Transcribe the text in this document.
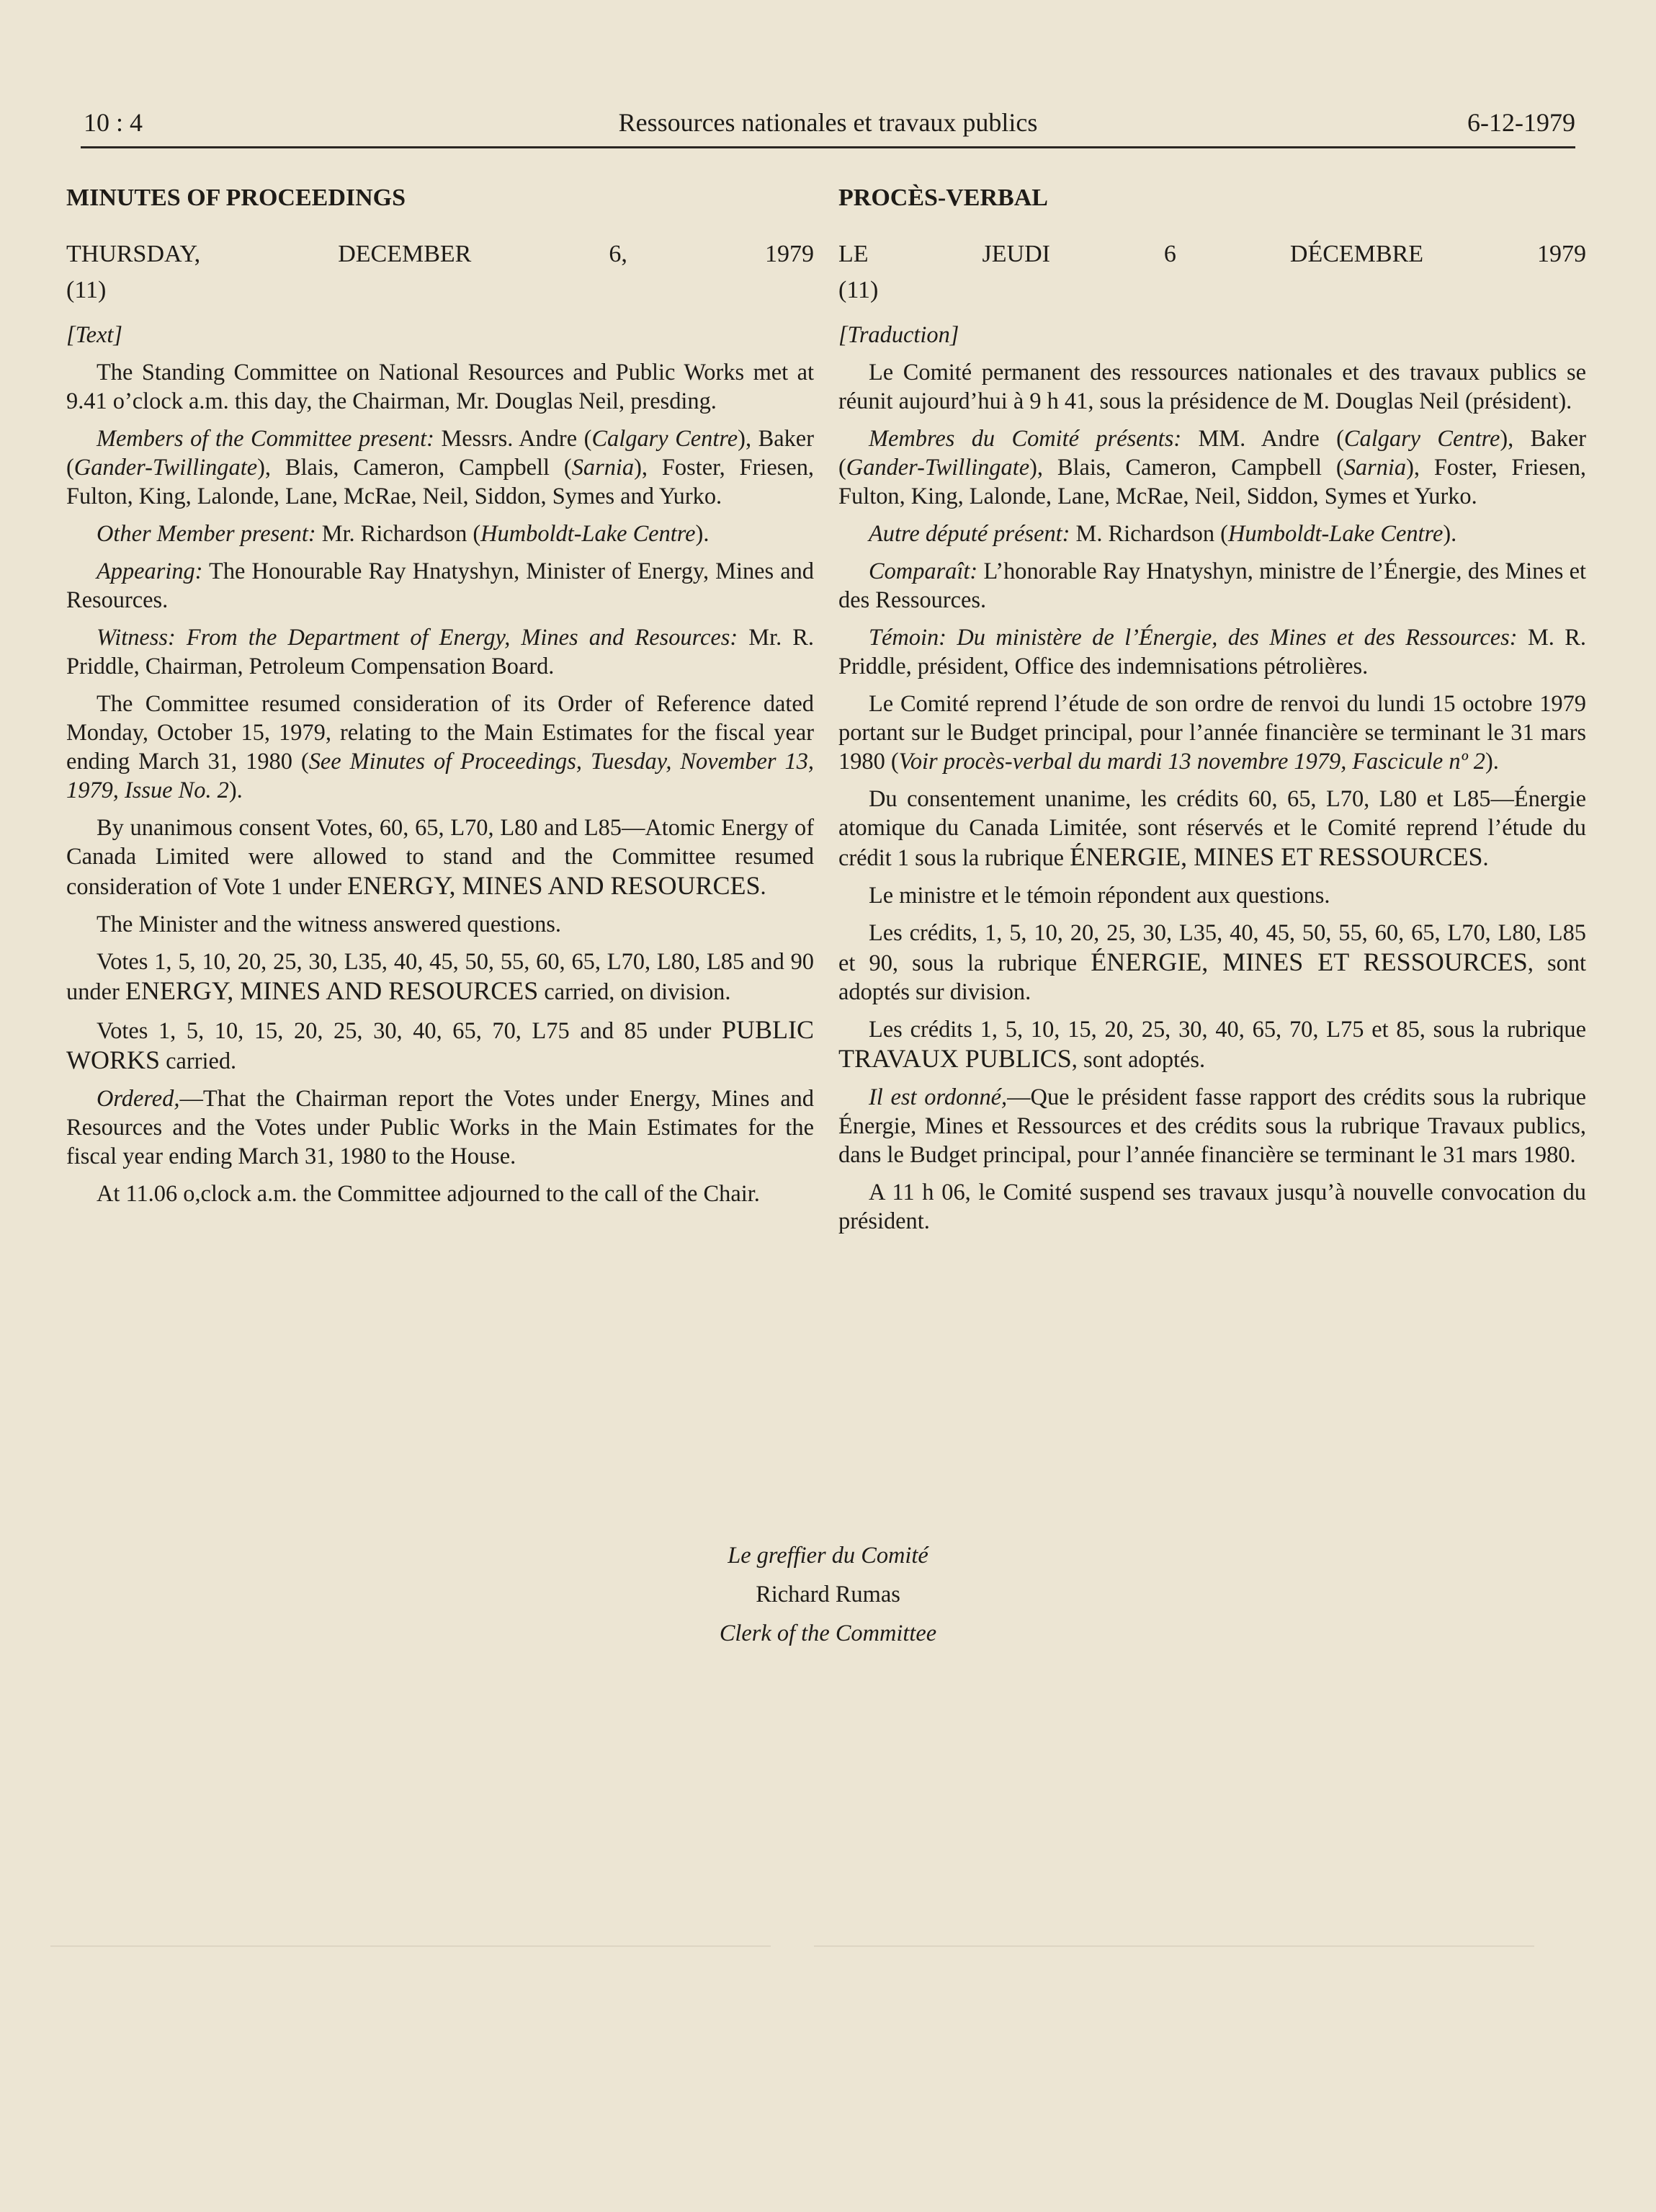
10 : 4	Ressources nationales et travaux publics	6-12-1979
MINUTES OF PROCEEDINGS
THURSDAY, DECEMBER 6, 1979
(11)
[Text]

The Standing Committee on National Resources and Public Works met at 9.41 o’clock a.m. this day, the Chairman, Mr. Douglas Neil, presding.

Members of the Committee present: Messrs. Andre (Calgary Centre), Baker (Gander-Twillingate), Blais, Cameron, Campbell (Sarnia), Foster, Friesen, Fulton, King, Lalonde, Lane, McRae, Neil, Siddon, Symes and Yurko.

Other Member present: Mr. Richardson (Humboldt-Lake Centre).

Appearing: The Honourable Ray Hnatyshyn, Minister of Energy, Mines and Resources.

Witness: From the Department of Energy, Mines and Resources: Mr. R. Priddle, Chairman, Petroleum Compensation Board.

The Committee resumed consideration of its Order of Reference dated Monday, October 15, 1979, relating to the Main Estimates for the fiscal year ending March 31, 1980 (See Minutes of Proceedings, Tuesday, November 13, 1979, Issue No. 2).

By unanimous consent Votes, 60, 65, L70, L80 and L85—Atomic Energy of Canada Limited were allowed to stand and the Committee resumed consideration of Vote 1 under ENERGY, MINES AND RESOURCES.

The Minister and the witness answered questions.

Votes 1, 5, 10, 20, 25, 30, L35, 40, 45, 50, 55, 60, 65, L70, L80, L85 and 90 under ENERGY, MINES AND RESOURCES carried, on division.

Votes 1, 5, 10, 15, 20, 25, 30, 40, 65, 70, L75 and 85 under PUBLIC WORKS carried.

Ordered,—That the Chairman report the Votes under Energy, Mines and Resources and the Votes under Public Works in the Main Estimates for the fiscal year ending March 31, 1980 to the House.

At 11.06 o,clock a.m. the Committee adjourned to the call of the Chair.

PROCÈS-VERBAL
LE JEUDI 6 DÉCEMBRE 1979
(11)
[Traduction]

Le Comité permanent des ressources nationales et des travaux publics se réunit aujourd’hui à 9 h 41, sous la présidence de M. Douglas Neil (président).

Membres du Comité présents: MM. Andre (Calgary Centre), Baker (Gander-Twillingate), Blais, Cameron, Campbell (Sarnia), Foster, Friesen, Fulton, King, Lalonde, Lane, McRae, Neil, Siddon, Symes et Yurko.

Autre député présent: M. Richardson (Humboldt-Lake Centre).

Comparaît: L’honorable Ray Hnatyshyn, ministre de l’Énergie, des Mines et des Ressources.

Témoin: Du ministère de l’Énergie, des Mines et des Ressources: M. R. Priddle, président, Office des indemnisations pétrolières.

Le Comité reprend l’étude de son ordre de renvoi du lundi 15 octobre 1979 portant sur le Budget principal, pour l’année financière se terminant le 31 mars 1980 (Voir procès-verbal du mardi 13 novembre 1979, Fascicule nº 2).

Du consentement unanime, les crédits 60, 65, L70, L80 et L85—Énergie atomique du Canada Limitée, sont réservés et le Comité reprend l’étude du crédit 1 sous la rubrique ÉNERGIE, MINES ET RESSOURCES.

Le ministre et le témoin répondent aux questions.

Les crédits, 1, 5, 10, 20, 25, 30, L35, 40, 45, 50, 55, 60, 65, L70, L80, L85 et 90, sous la rubrique ÉNERGIE, MINES ET RESSOURCES, sont adoptés sur division.

Les crédits 1, 5, 10, 15, 20, 25, 30, 40, 65, 70, L75 et 85, sous la rubrique TRAVAUX PUBLICS, sont adoptés.

Il est ordonné,—Que le président fasse rapport des crédits sous la rubrique Énergie, Mines et Ressources et des crédits sous la rubrique Travaux publics, dans le Budget principal, pour l’année financière se terminant le 31 mars 1980.

A 11 h 06, le Comité suspend ses travaux jusqu’à nouvelle convocation du président.

Le greffier du Comité
Richard Rumas
Clerk of the Committee
